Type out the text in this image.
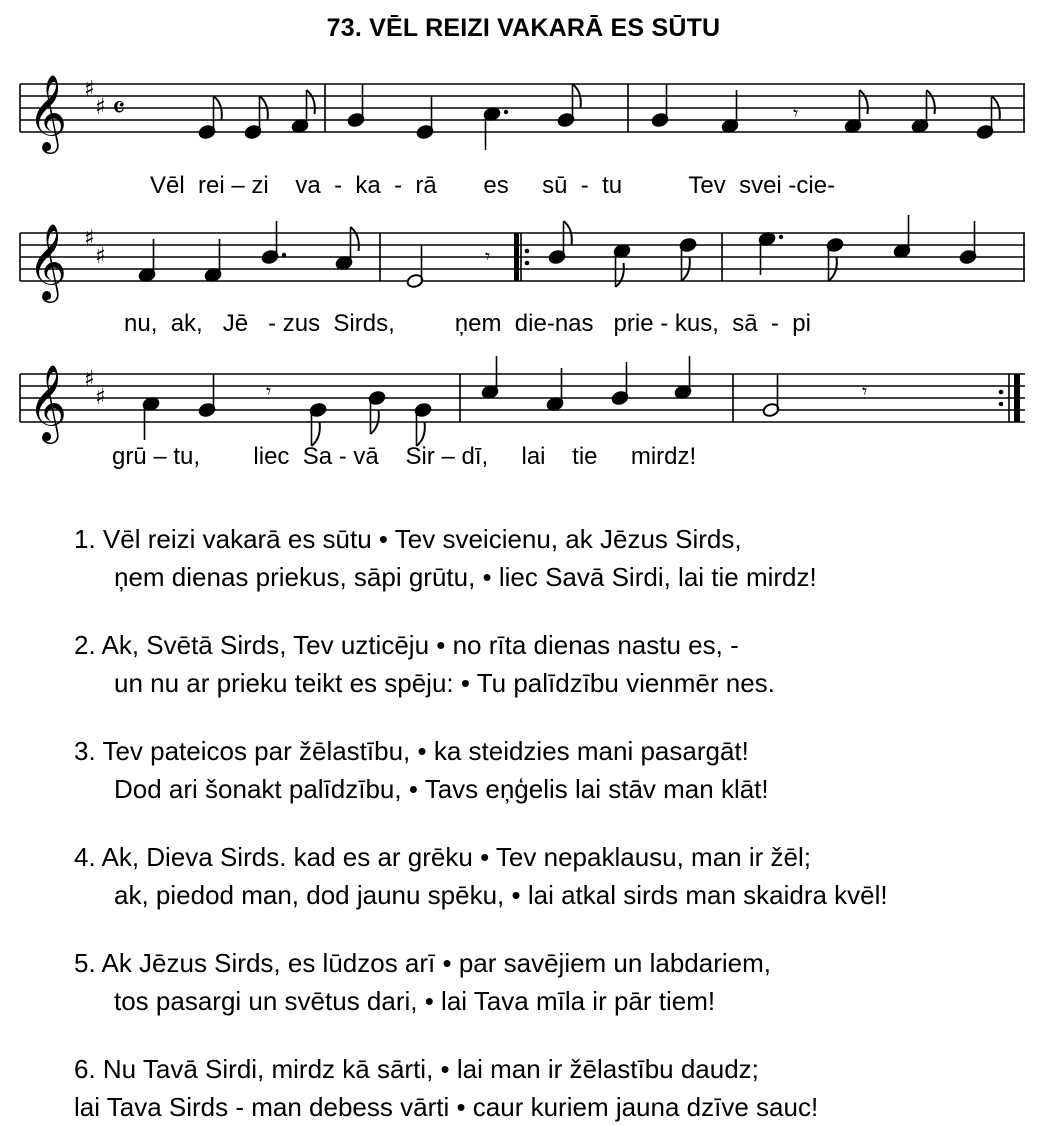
73. VĒL REIZI VAKARĀ ES SŪTU
𝄞
𝄞
𝄞
♯
♯
♯
♯
♯
♯
𝄴	𝄾
𝄾
𝄾	𝄾
Vēl  rei – zi    va  -  ka  -  rā       es     sū  -  tu          Tev  svei -cie-
nu,  ak,   Jē   - zus  Sirds,         ņem  die-nas   prie - kus,  sā  -  pi
grū – tu,        liec  Sa - vā    Sir – dī,     lai    tie     mirdz!
1. Vēl reizi vakarā es sūtu • Tev sveicienu, ak Jēzus Sirds,
ņem dienas priekus, sāpi grūtu, • liec Savā Sirdi, lai tie mirdz!
2. Ak, Svētā Sirds, Tev uzticēju • no rīta dienas nastu es, -
un nu ar prieku teikt es spēju: • Tu palīdzību vienmēr nes.
3. Tev pateicos par žēlastību, • ka steidzies mani pasargāt!
Dod ari šonakt palīdzību, • Tavs eņģelis lai stāv man klāt!
4. Ak, Dieva Sirds. kad es ar grēku • Tev nepaklausu, man ir žēl;
ak, piedod man, dod jaunu spēku, • lai atkal sirds man skaidra kvēl!
5. Ak Jēzus Sirds, es lūdzos arī • par savējiem un labdariem,
tos pasargi un svētus dari, • lai Tava mīla ir pār tiem!
6. Nu Tavā Sirdi, mirdz kā sārti, • lai man ir žēlastību daudz;
lai Tava Sirds - man debess vārti • caur kuriem jauna dzīve sauc!
